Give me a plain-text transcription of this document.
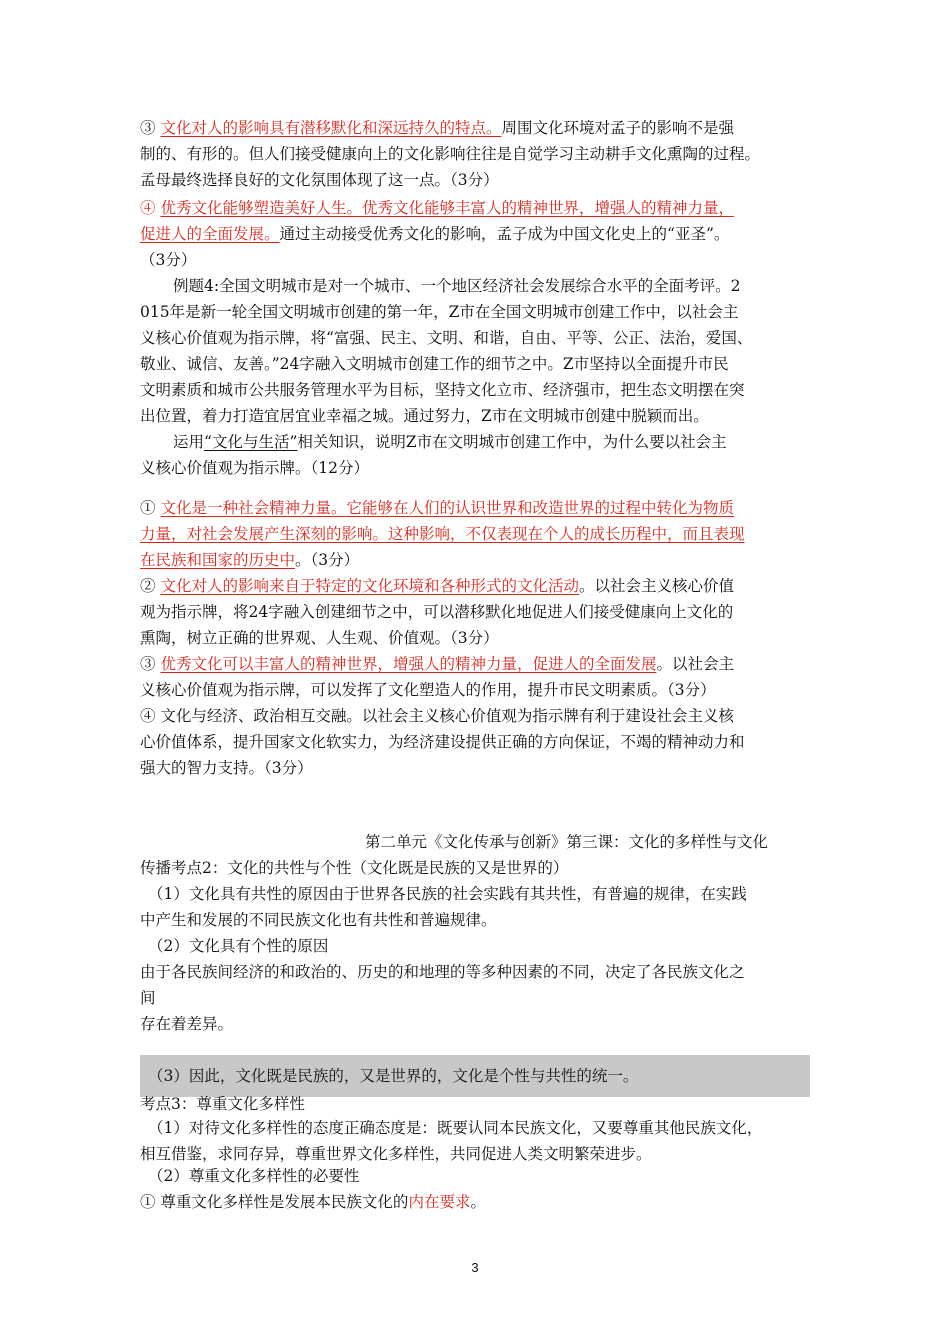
③ 文化对人的影响具有潜移默化和深远持久的特点。周围文化环境对孟子的影响不是强
制的、有形的。但人们接受健康向上的文化影响往往是自觉学习主动耕手文化熏陶的过程。
孟母最终选择良好的文化氛围体现了这一点。（3分）
④ 优秀文化能够塑造美好人生。优秀文化能够丰富人的精神世界，增强人的精神力量，
促进人的全面发展。通过主动接受优秀文化的影响，孟子成为中国文化史上的“亚圣”。
（3分）
例题4:全国文明城市是对一个城市、一个地区经济社会发展综合水平的全面考评。2
015年是新一轮全国文明城市创建的第一年，Z市在全国文明城市创建工作中，以社会主
义核心价值观为指示牌，将“富强、民主、文明、和谐，自由、平等、公正、法治，爱国、
敬业、诚信、友善。”24字融入文明城市创建工作的细节之中。Z市坚持以全面提升市民
文明素质和城市公共服务管理水平为目标，坚持文化立市、经济强市，把生态文明摆在突
出位置，着力打造宜居宜业幸福之城。通过努力，Z市在文明城市创建中脱颖而出。
运用“文化与生活”相关知识，说明Z市在文明城市创建工作中，为什么要以社会主
义核心价值观为指示牌。（12分）
① 文化是一种社会精神力量。它能够在人们的认识世界和改造世界的过程中转化为物质
力量，对社会发展产生深刻的影响。这种影响，不仅表现在个人的成长历程中，而且表现
在民族和国家的历史中。（3分）
② 文化对人的影响来自于特定的文化环境和各种形式的文化活动。以社会主义核心价值
观为指示牌，将24字融入创建细节之中，可以潜移默化地促进人们接受健康向上文化的
熏陶，树立正确的世界观、人生观、价值观。（3分）
③ 优秀文化可以丰富人的精神世界，增强人的精神力量，促进人的全面发展。以社会主
义核心价值观为指示牌，可以发挥了文化塑造人的作用，提升市民文明素质。（3分）
④ 文化与经济、政治相互交融。以社会主义核心价值观为指示牌有利于建设社会主义核
心价值体系，提升国家文化软实力，为经济建设提供正确的方向保证，不竭的精神动力和
强大的智力支持。（3分）
第二单元《文化传承与创新》第三课：文化的多样性与文化
传播考点2：文化的共性与个性（文化既是民族的又是世界的）
（1）文化具有共性的原因由于世界各民族的社会实践有其共性，有普遍的规律，在实践
中产生和发展的不同民族文化也有共性和普遍规律。
（2）文化具有个性的原因
由于各民族间经济的和政治的、历史的和地理的等多种因素的不同，决定了各民族文化之
间
存在着差异。
（3）因此，文化既是民族的，又是世界的，文化是个性与共性的统一。
考点3：尊重文化多样性
（1）对待文化多样性的态度正确态度是：既要认同本民族文化，又要尊重其他民族文化，
相互借鉴，求同存异，尊重世界文化多样性，共同促进人类文明繁荣进步。
（2）尊重文化多样性的必要性
① 尊重文化多样性是发展本民族文化的内在要求。
3
